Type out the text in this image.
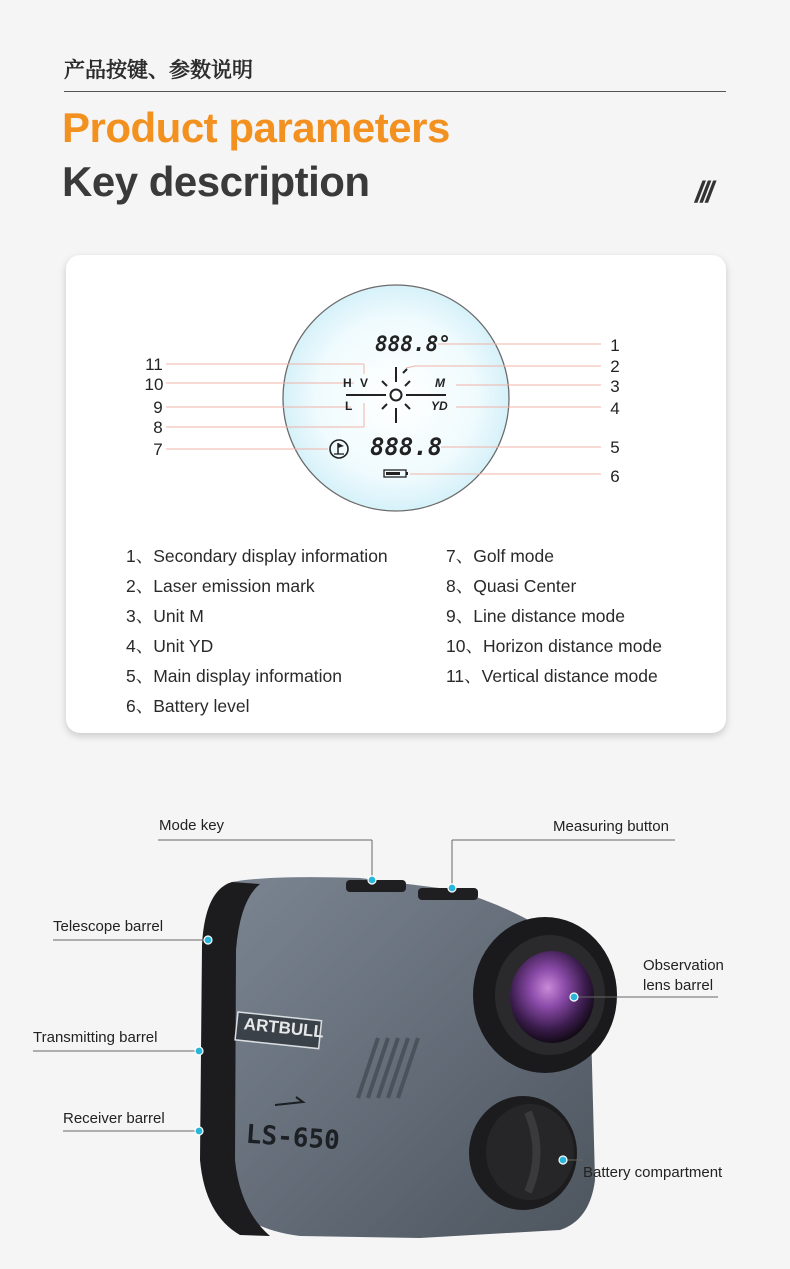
产品按键、参数说明
Product parameters
Key description	///
1
2
3
4
5
6
11
10
9
8
7
888.8°
888.8
H V
L
M
YD
1、Secondary display information
2、Laser emission mark
3、Unit M
4、Unit YD
5、Main display information
6、Battery level
7、Golf mode
8、Quasi Center
9、Line distance mode
10、Horizon distance mode
11、Vertical distance mode
ARTBULL
LS-650
Mode key	Measuring button
Telescope barrel
Observation
lens barrel
Transmitting barrel
Receiver barrel
Battery compartment
